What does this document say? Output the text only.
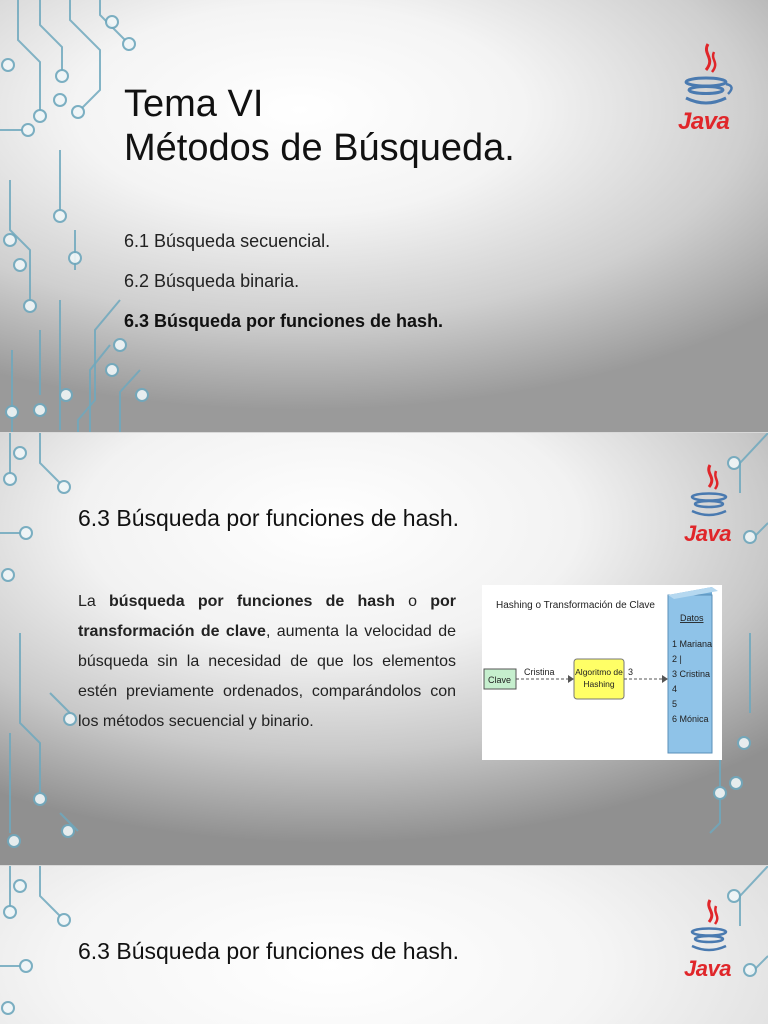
Tema VI
Métodos de Búsqueda.
6.1 Búsqueda secuencial.
6.2 Búsqueda binaria.
6.3 Búsqueda por funciones de hash.
Java
6.3 Búsqueda por funciones de hash.

La búsqueda por funciones de hash o por transformación de clave, aumenta la velocidad de búsqueda sin la necesidad de que los elementos estén previamente ordenados, comparándolos con los métodos secuencial y binario.

Hashing o Transformación de Clave
Datos
1 Mariana
2 |
3 Cristina
4
5
6 Mónica
Clave
Cristina Algoritmo de
Hashing
3
Java
6.3 Búsqueda por funciones de hash.
Java
